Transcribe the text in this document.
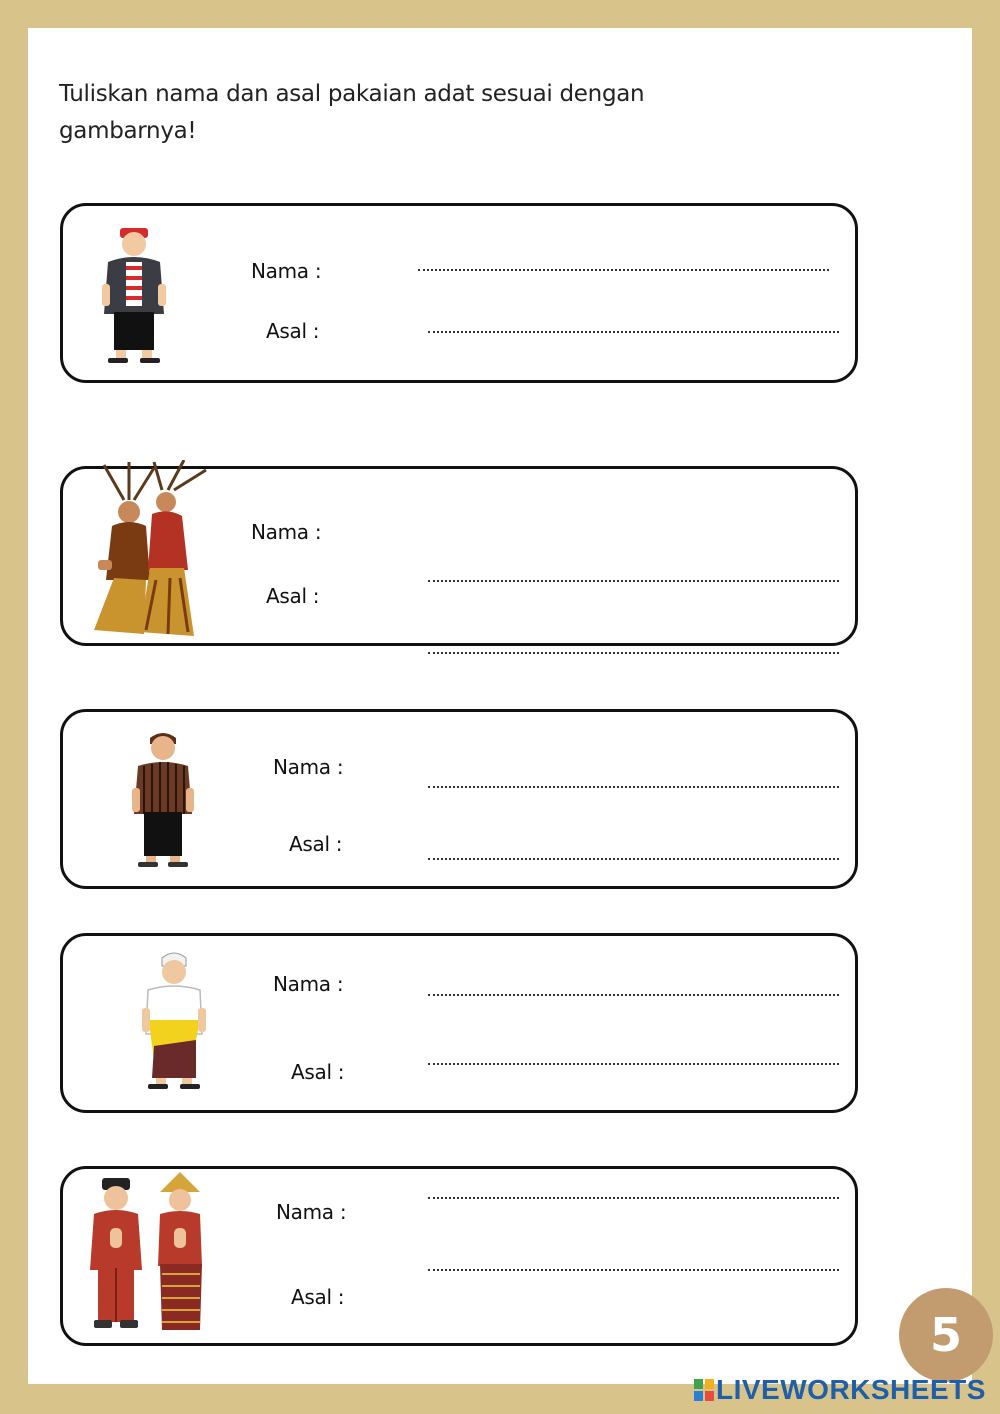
Tuliskan nama dan asal pakaian adat sesuai dengan gambarnya!
Nama :
Asal :
Nama :
Asal :
Nama :
Asal :
Nama :
Asal :
Nama :
Asal :
5
LIVEWORKSHEETS
